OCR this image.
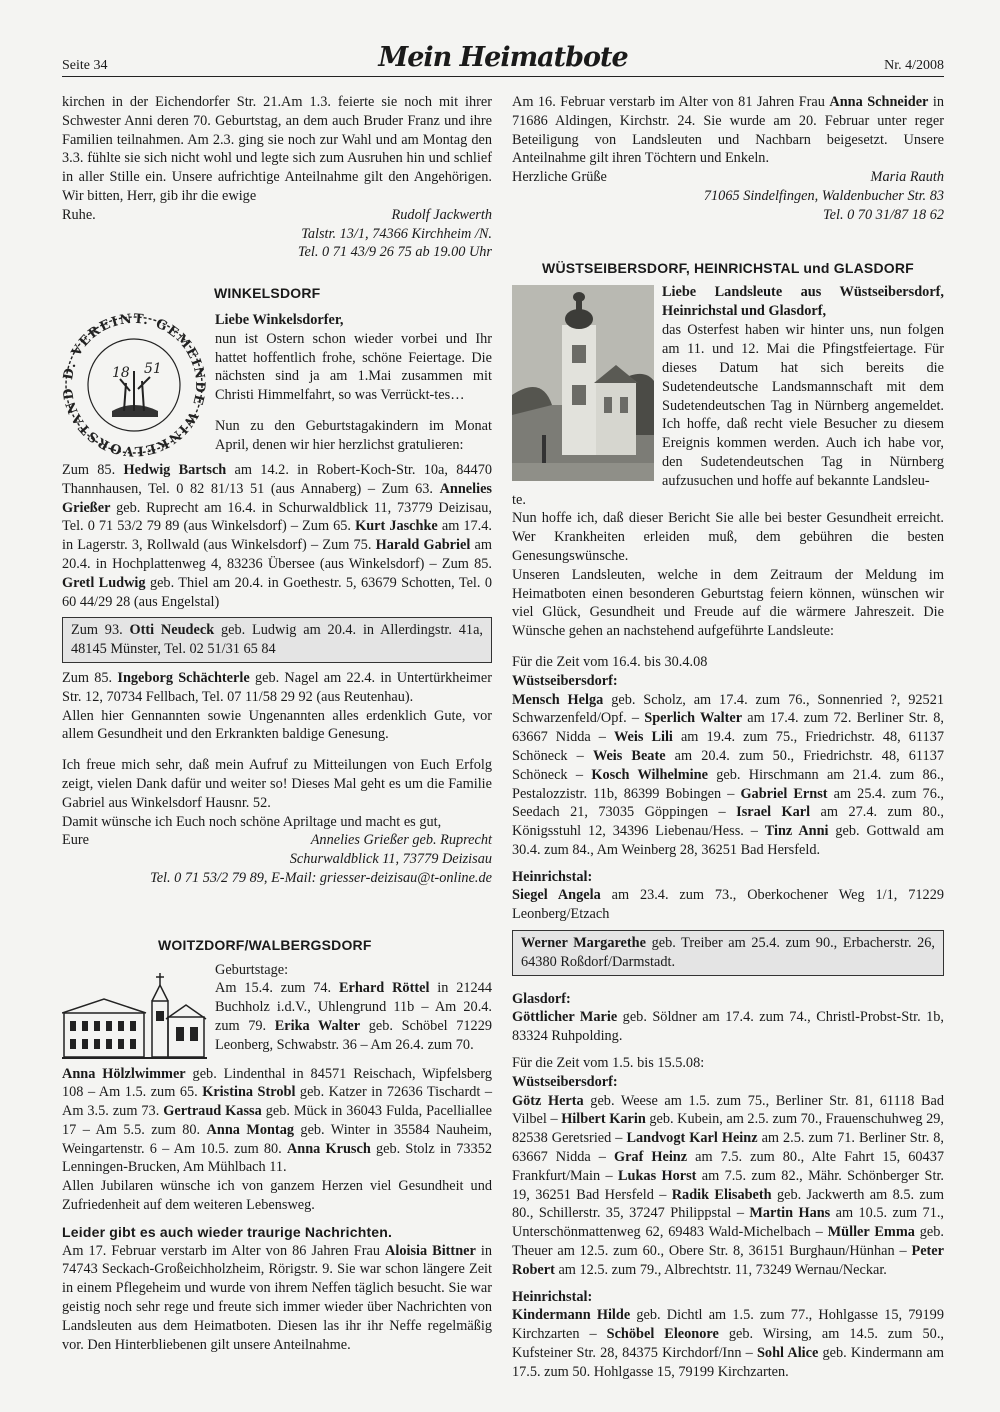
Seite 34	Mein Heimatbote	Nr. 4/2008

kirchen in der Eichendorfer Str. 21.Am 1.3. feierte sie noch mit ihrer Schwester Anni deren 70. Geburtstag, an dem auch Bruder Franz und ihre Familien teilnahmen. Am 2.3. ging sie noch zur Wahl und am Montag den 3.3. fühlte sie sich nicht wohl und legte sich zum Ausruhen hin und schlief in aller Stille ein. Unsere aufrichtige Anteilnahme gilt den Angehörigen. Wir bitten, Herr, gib ihr die ewige

Ruhe.	Rudolf Jackwerth

Talstr. 13/1, 74366 Kirchheim /N.

Tel. 0 71 43/9 26 75 ab 19.00 Uhr

WINKELSDORF
VORSTAND D. VEREINT. GEMEINDE WINKEL
18 51

Liebe Winkelsdorfer,

nun ist Ostern schon wieder vorbei und Ihr hattet hoffentlich frohe, schöne Feiertage. Die nächsten sind ja am 1.Mai zusammen mit Christi Himmelfahrt, so was Verrückt-tes…

Nun zu den Geburtstagakindern im Monat April, denen wir hier herzlichst gratulieren:

Zum 85. Hedwig Bartsch am 14.2. in Robert-Koch-Str. 10a, 84470 Thannhausen, Tel. 0 82 81/13 51 (aus Annaberg) – Zum 63. Annelies Grießer geb. Ruprecht am 16.4. in Schurwaldblick 11, 73779 Deizisau, Tel. 0 71 53/2 79 89 (aus Winkelsdorf) – Zum 65. Kurt Jaschke am 17.4. in Lagerstr. 3, Rollwald (aus Winkelsdorf) – Zum 75. Harald Gabriel am 20.4. in Hochplattenweg 4, 83236 Übersee (aus Winkelsdorf) – Zum 85. Gretl Ludwig geb. Thiel am 20.4. in Goethestr. 5, 63679 Schotten, Tel. 0 60 44/29 28 (aus Engelstal)

Zum 93. Otti Neudeck geb. Ludwig am 20.4. in Allerdingstr. 41a, 48145 Münster, Tel. 02 51/31 65 84

Zum 85. Ingeborg Schächterle geb. Nagel am 22.4. in Untertürkheimer Str. 12, 70734 Fellbach, Tel. 07 11/58 29 92 (aus Reutenhau).

Allen hier Gennannten sowie Ungenannten alles erdenklich Gute, vor allem Gesundheit und den Erkrankten baldige Genesung.

Ich freue mich sehr, daß mein Aufruf zu Mitteilungen von Euch Erfolg zeigt, vielen Dank dafür und weiter so! Dieses Mal geht es um die Familie Gabriel aus Winkelsdorf Hausnr. 52.

Damit wünsche ich Euch noch schöne Apriltage und macht es gut,

Eure	Annelies Grießer geb. Ruprecht

Schurwaldblick 11, 73779 Deizisau

Tel. 0 71 53/2 79 89, E-Mail: griesser-deizisau@t-online.de

WOITZDORF/WALBERGSDORF

Geburtstage:

Am 15.4. zum 74. Erhard Röttel in 21244 Buchholz i.d.V., Uhlengrund 11b – Am 20.4. zum 79. Erika Walter geb. Schöbel 71229 Leonberg, Schwabstr. 36 – Am 26.4. zum 70.

Anna Hölzlwimmer geb. Lindenthal in 84571 Reischach, Wipfelsberg 108 – Am 1.5. zum 65. Kristina Strobl geb. Katzer in 72636 Tischardt – Am 3.5. zum 73. Gertraud Kassa geb. Mück in 36043 Fulda, Pacelliallee 17 – Am 5.5. zum 80. Anna Montag geb. Winter in 35584 Nauheim, Weingartenstr. 6 – Am 10.5. zum 80. Anna Krusch geb. Stolz in 73352 Lenningen-Brucken, Am Mühlbach 11.

Allen Jubilaren wünsche ich von ganzem Herzen viel Gesundheit und Zufriedenheit auf dem weiteren Lebensweg.

Leider gibt es auch wieder traurige Nachrichten.

Am 17. Februar verstarb im Alter von 86 Jahren Frau Aloisia Bittner in 74743 Seckach-Großeichholzheim, Rörigstr. 9. Sie war schon längere Zeit in einem Pflegeheim und wurde von ihrem Neffen täglich besucht. Sie war geistig noch sehr rege und freute sich immer wieder über Nachrichten von Landsleuten aus dem Heimatboten. Diesen las ihr ihr Neffe regelmäßig vor. Den Hinterbliebenen gilt unsere Anteilnahme.

Am 16. Februar verstarb im Alter von 81 Jahren Frau Anna Schneider in 71686 Aldingen, Kirchstr. 24. Sie wurde am 20. Februar unter reger Beteiligung von Landsleuten und Nachbarn beigesetzt. Unsere Anteilnahme gilt ihren Töchtern und Enkeln.

Herzliche Grüße	Maria Rauth

71065 Sindelfingen, Waldenbucher Str. 83

Tel. 0 70 31/87 18 62

WÜSTSEIBERSDORF, HEINRICHSTAL und GLASDORF

Liebe Landsleute aus Wüstseibersdorf, Heinrichstal und Glasdorf,

das Osterfest haben wir hinter uns, nun folgen am 11. und 12. Mai die Pfingstfeiertage. Für dieses Datum hat sich bereits die Sudetendeutsche Landsmannschaft mit dem Sudetendeutschen Tag in Nürnberg angemeldet. Ich hoffe, daß recht viele Besucher zu diesem Ereignis kommen werden. Auch ich habe vor, den Sudetendeutschen Tag in Nürnberg aufzusuchen und hoffe auf bekannte Landsleu-

te.

Nun hoffe ich, daß dieser Bericht Sie alle bei bester Gesundheit erreicht. Wer Krankheiten erleiden muß, dem gebühren die besten Genesungswünsche.

Unseren Landsleuten, welche in dem Zeitraum der Meldung im Heimatboten einen besonderen Geburtstag feiern können, wünschen wir viel Glück, Gesundheit und Freude auf die wärmere Jahreszeit. Die Wünsche gehen an nachstehend aufgeführte Landsleute:

Für die Zeit vom 16.4. bis 30.4.08

Wüstseibersdorf:

Mensch Helga geb. Scholz, am 17.4. zum 76., Sonnenried ?, 92521 Schwarzenfeld/Opf. – Sperlich Walter am 17.4. zum 72. Berliner Str. 8, 63667 Nidda – Weis Lili am 19.4. zum 75., Friedrichstr. 48, 61137 Schöneck – Weis Beate am 20.4. zum 50., Friedrichstr. 48, 61137 Schöneck – Kosch Wilhelmine geb. Hirschmann am 21.4. zum 86., Pestalozzistr. 11b, 86399 Bobingen – Gabriel Ernst am 25.4. zum 76., Seedach 21, 73035 Göppingen – Israel Karl am 27.4. zum 80., Königsstuhl 12, 34396 Liebenau/Hess. – Tinz Anni geb. Gottwald am 30.4. zum 84., Am Weinberg 28, 36251 Bad Hersfeld.

Heinrichstal:

Siegel Angela am 23.4. zum 73., Oberkochener Weg 1/1, 71229 Leonberg/Etzach

Werner Margarethe geb. Treiber am 25.4. zum 90., Erbacherstr. 26, 64380 Roßdorf/Darmstadt.

Glasdorf:

Göttlicher Marie geb. Söldner am 17.4. zum 74., Christl-Probst-Str. 1b, 83324 Ruhpolding.

Für die Zeit vom 1.5. bis 15.5.08:

Wüstseibersdorf:

Götz Herta geb. Weese am 1.5. zum 75., Berliner Str. 81, 61118 Bad Vilbel – Hilbert Karin geb. Kubein, am 2.5. zum 70., Frauenschuhweg 29, 82538 Geretsried – Landvogt Karl Heinz am 2.5. zum 71. Berliner Str. 8, 63667 Nidda – Graf Heinz am 7.5. zum 80., Alte Fahrt 15, 60437 Frankfurt/Main – Lukas Horst am 7.5. zum 82., Mähr. Schönberger Str. 19, 36251 Bad Hersfeld – Radik Elisabeth geb. Jackwerth am 8.5. zum 80., Schillerstr. 35, 37247 Philippstal – Martin Hans am 10.5. zum 71., Unterschönmattenweg 62, 69483 Wald-Michelbach – Müller Emma geb. Theuer am 12.5. zum 60., Obere Str. 8, 36151 Burghaun/Hünhan – Peter Robert am 12.5. zum 79., Albrechtstr. 11, 73249 Wernau/Neckar.

Heinrichstal:

Kindermann Hilde geb. Dichtl am 1.5. zum 77., Hohlgasse 15, 79199 Kirchzarten – Schöbel Eleonore geb. Wirsing, am 14.5. zum 50., Kufsteiner Str. 28, 84375 Kirchdorf/Inn – Sohl Alice geb. Kindermann am 17.5. zum 50. Hohlgasse 15, 79199 Kirchzarten.
